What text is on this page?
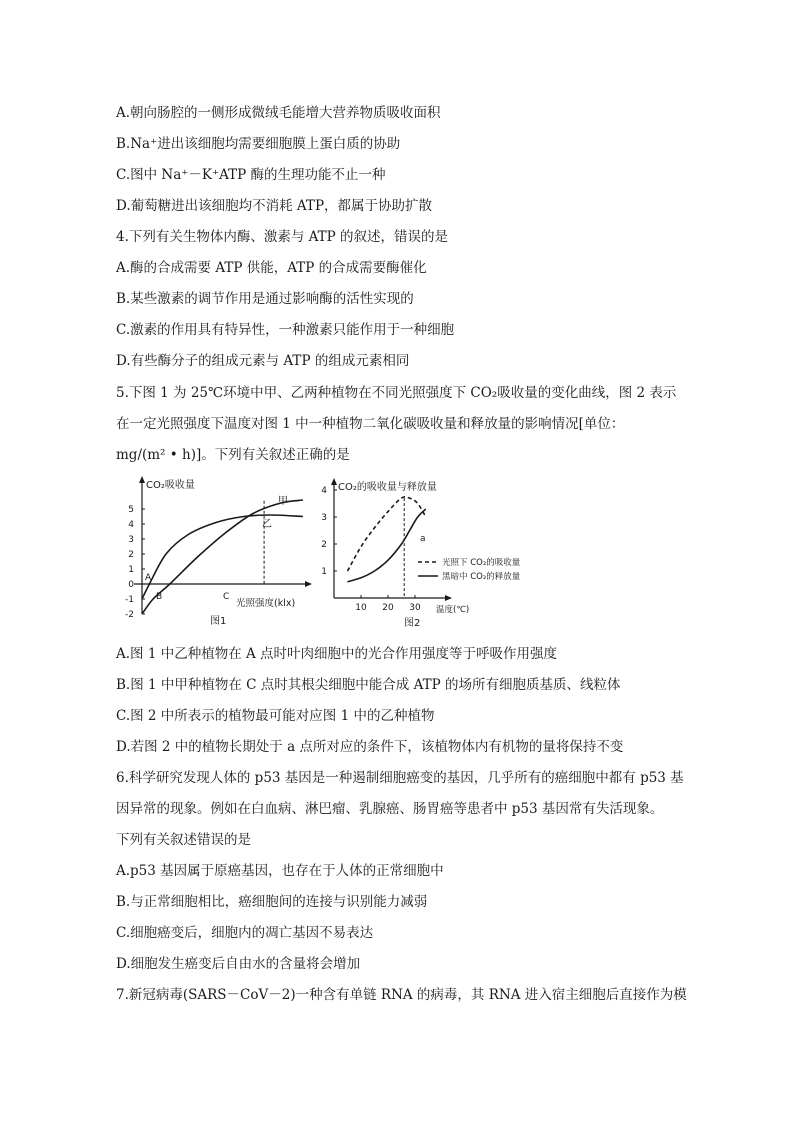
A.朝向肠腔的一侧形成微绒毛能增大营养物质吸收面积
B.Na⁺进出该细胞均需要细胞膜上蛋白质的协助
C.图中 Na⁺－K⁺ATP 酶的生理功能不止一种
D.葡萄糖进出该细胞均不消耗 ATP，都属于协助扩散
4.下列有关生物体内酶、激素与 ATP 的叙述，错误的是
A.酶的合成需要 ATP 供能，ATP 的合成需要酶催化
B.某些激素的调节作用是通过影响酶的活性实现的
C.激素的作用具有特异性，一种激素只能作用于一种细胞
D.有些酶分子的组成元素与 ATP 的组成元素相同
5.下图 1 为 25℃环境中甲、乙两种植物在不同光照强度下 CO₂吸收量的变化曲线，图 2 表示
在一定光照强度下温度对图 1 中一种植物二氧化碳吸收量和释放量的影响情况[单位：
mg/(m² • h)]。下列有关叙述正确的是
CO₂吸收量
5
4
3
2
1
0
-1
-2
甲
乙
A
B	C
光照强度(klx)
图1
CO₂的吸收量与释放量
4
3
2
1
10 20 30
a
光照下 CO₂的吸收量
黑暗中 CO₂的释放量
温度(℃)
图2
A.图 1 中乙种植物在 A 点时叶肉细胞中的光合作用强度等于呼吸作用强度
B.图 1 中甲种植物在 C 点时其根尖细胞中能合成 ATP 的场所有细胞质基质、线粒体
C.图 2 中所表示的植物最可能对应图 1 中的乙种植物
D.若图 2 中的植物长期处于 a 点所对应的条件下，该植物体内有机物的量将保持不变
6.科学研究发现人体的 p53 基因是一种遏制细胞癌变的基因，几乎所有的癌细胞中都有 p53 基
因异常的现象。例如在白血病、淋巴瘤、乳腺癌、肠胃癌等患者中 p53 基因常有失活现象。
下列有关叙述错误的是
A.p53 基因属于原癌基因，也存在于人体的正常细胞中
B.与正常细胞相比，癌细胞间的连接与识别能力减弱
C.细胞癌变后，细胞内的凋亡基因不易表达
D.细胞发生癌变后自由水的含量将会增加
7.新冠病毒(SARS－CoV－2)一种含有单链 RNA 的病毒，其 RNA 进入宿主细胞后直接作为模
